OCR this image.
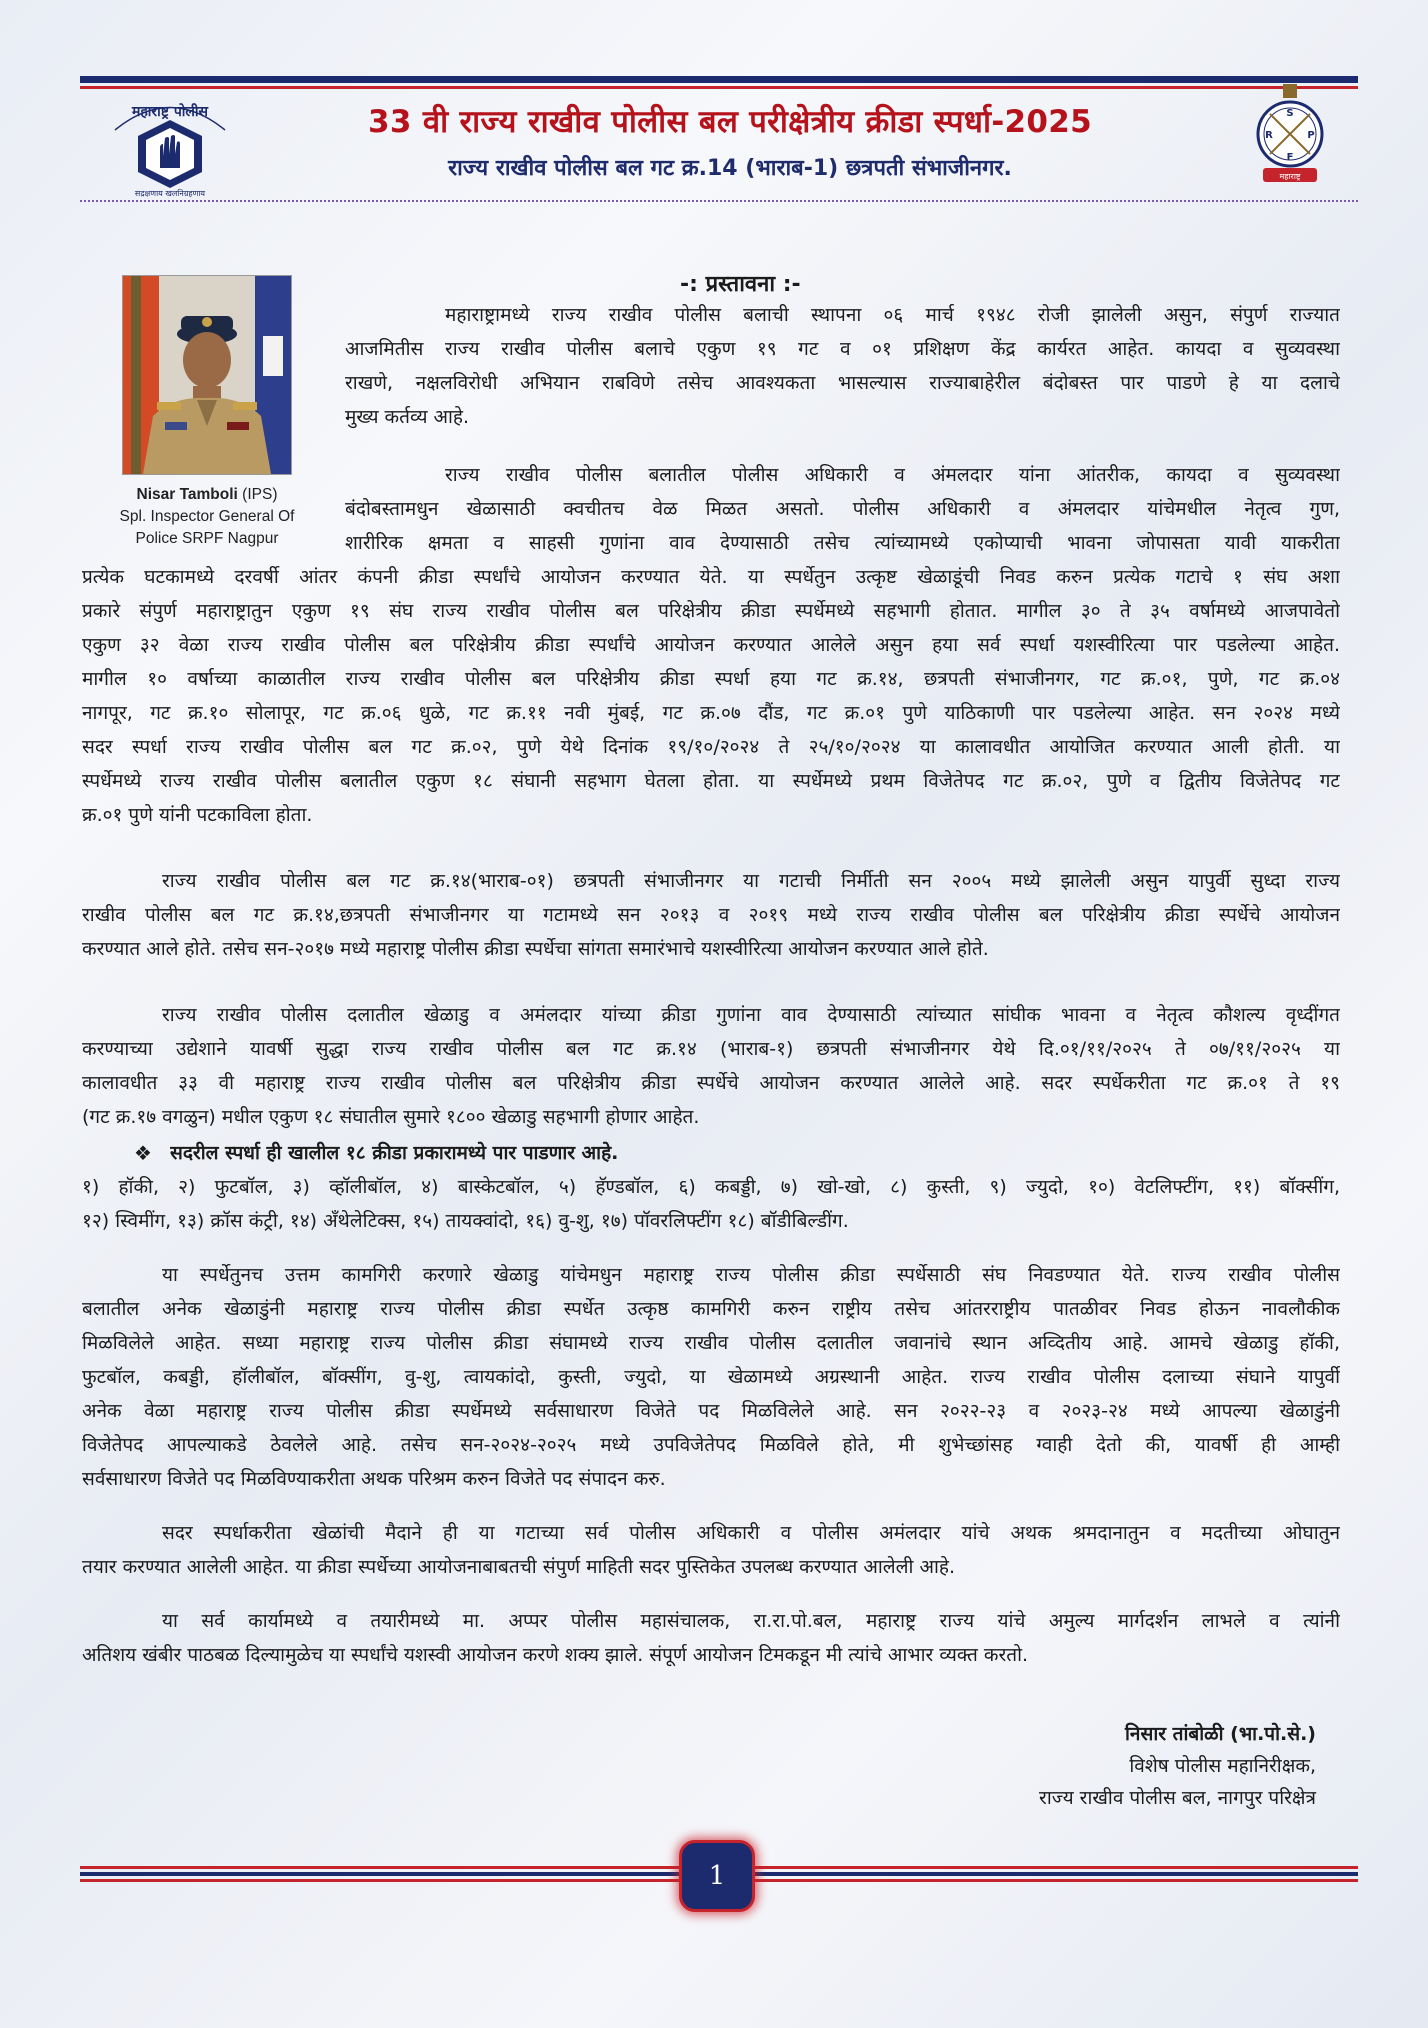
महाराष्ट्र पोलीस
सद्रक्षणाय खलनिग्रहणाय
33 वी राज्य राखीव पोलीस बल परीक्षेत्रीय क्रीडा स्पर्धा-2025
राज्य राखीव पोलीस बल गट क्र.14 (भाराब-1) छत्रपती संभाजीनगर.
S
R	P
F
महाराष्ट्र
Nisar Tamboli (IPS)
Spl. Inspector General Of
Police SRPF Nagpur
-: प्रस्तावना :-
महाराष्ट्रामध्ये राज्य राखीव पोलीस बलाची स्थापना ०६ मार्च १९४८ रोजी झालेली असुन, संपुर्ण राज्यात
आजमितीस राज्य राखीव पोलीस बलाचे एकुण १९ गट व ०१ प्रशिक्षण केंद्र कार्यरत आहेत. कायदा व सुव्यवस्था
राखणे, नक्षलविरोधी अभियान राबविणे तसेच आवश्यकता भासल्यास राज्याबाहेरील बंदोबस्त पार पाडणे हे या दलाचे
मुख्य कर्तव्य आहे.
राज्य राखीव पोलीस बलातील पोलीस अधिकारी व अंमलदार यांना आंतरीक, कायदा व सुव्यवस्था
बंदोबस्तामधुन खेळासाठी क्वचीतच वेळ मिळत असतो. पोलीस अधिकारी व अंमलदार यांचेमधील नेतृत्व गुण,
शारीरिक क्षमता व साहसी गुणांना वाव देण्यासाठी तसेच त्यांच्यामध्ये एकोप्याची भावना जोपासता यावी याकरीता
प्रत्येक घटकामध्ये दरवर्षी आंतर कंपनी क्रीडा स्पर्धांचे आयोजन करण्यात येते. या स्पर्धेतुन उत्कृष्ट खेळाडूंची निवड करुन प्रत्येक गटाचे १ संघ अशा
प्रकारे संपुर्ण महाराष्ट्रातुन एकुण १९ संघ राज्य राखीव पोलीस बल परिक्षेत्रीय क्रीडा स्पर्धेमध्ये सहभागी होतात. मागील ३० ते ३५ वर्षामध्ये आजपावेतो
एकुण ३२ वेळा राज्य राखीव पोलीस बल परिक्षेत्रीय क्रीडा स्पर्धांचे आयोजन करण्यात आलेले असुन हया सर्व स्पर्धा यशस्वीरित्या पार पडलेल्या आहेत.
मागील १० वर्षाच्या काळातील राज्य राखीव पोलीस बल परिक्षेत्रीय क्रीडा स्पर्धा हया गट क्र.१४, छत्रपती संभाजीनगर, गट क्र.०१, पुणे, गट क्र.०४
नागपूर, गट क्र.१० सोलापूर, गट क्र.०६ धुळे, गट क्र.११ नवी मुंबई, गट क्र.०७ दौंड, गट क्र.०१ पुणे याठिकाणी पार पडलेल्या आहेत. सन २०२४ मध्ये
सदर स्पर्धा राज्य राखीव पोलीस बल गट क्र.०२, पुणे येथे दिनांक १९/१०/२०२४ ते २५/१०/२०२४ या कालावधीत आयोजित करण्यात आली होती. या
स्पर्धेमध्ये राज्य राखीव पोलीस बलातील एकुण १८ संघानी सहभाग घेतला होता. या स्पर्धेमध्ये प्रथम विजेतेपद गट क्र.०२, पुणे व द्वितीय विजेतेपद गट
क्र.०१ पुणे यांनी पटकाविला होता.
राज्य राखीव पोलीस बल गट क्र.१४(भाराब-०१) छत्रपती संभाजीनगर या गटाची निर्मीती सन २००५ मध्ये झालेली असुन यापुर्वी सुध्दा राज्य
राखीव पोलीस बल गट क्र.१४,छत्रपती संभाजीनगर या गटामध्ये सन २०१३ व २०१९ मध्ये राज्य राखीव पोलीस बल परिक्षेत्रीय क्रीडा स्पर्धेचे आयोजन
करण्यात आले होते. तसेच सन-२०१७ मध्ये महाराष्ट्र पोलीस क्रीडा स्पर्धेचा सांगता समारंभाचे यशस्वीरित्या आयोजन करण्यात आले होते.
राज्य राखीव पोलीस दलातील खेळाडु व अमंलदार यांच्या क्रीडा गुणांना वाव देण्यासाठी त्यांच्यात सांघीक भावना व नेतृत्व कौशल्य वृध्दींगत
करण्याच्या उद्येशाने यावर्षी सुद्धा राज्य राखीव पोलीस बल गट क्र.१४ (भाराब-१) छत्रपती संभाजीनगर येथे दि.०१/११/२०२५ ते ०७/११/२०२५ या
कालावधीत ३३ वी महाराष्ट्र राज्य राखीव पोलीस बल परिक्षेत्रीय क्रीडा स्पर्धेचे आयोजन करण्यात आलेले आहे. सदर स्पर्धेकरीता गट क्र.०१ ते १९
(गट क्र.१७ वगळुन) मधील एकुण १८ संघातील सुमारे १८०० खेळाडु सहभागी होणार आहेत.
❖ सदरील स्पर्धा ही खालील १८ क्रीडा प्रकारामध्ये पार पाडणार आहे.
१) हॉकी, २) फुटबॉल, ३) व्हॉलीबॉल, ४) बास्केटबॉल, ५) हॅण्डबॉल, ६) कबड्डी, ७) खो-खो, ८) कुस्ती, ९) ज्युदो, १०) वेटलिफ्टींग, ११) बॉक्सींग,
१२) स्विमींग, १३) क्रॉस कंट्री, १४) अँथेलेटिक्स, १५) तायक्वांदो, १६) वु-शु, १७) पॉवरलिफ्टींग १८) बॉडीबिल्डींग.
या स्पर्धेतुनच उत्तम कामगिरी करणारे खेळाडु यांचेमधुन महाराष्ट्र राज्य पोलीस क्रीडा स्पर्धेसाठी संघ निवडण्यात येते. राज्य राखीव पोलीस
बलातील अनेक खेळाडुंनी महाराष्ट्र राज्य पोलीस क्रीडा स्पर्धेत उत्कृष्ठ कामगिरी करुन राष्ट्रीय तसेच आंतरराष्ट्रीय पातळीवर निवड होऊन नावलौकीक
मिळविलेले आहेत. सध्या महाराष्ट्र राज्य पोलीस क्रीडा संघामध्ये राज्य राखीव पोलीस दलातील जवानांचे स्थान अव्दितीय आहे. आमचे खेळाडु हॉकी,
फुटबॉल, कबड्डी, हॉलीबॉल, बॉक्सींग, वु-शु, त्वायकांदो, कुस्ती, ज्युदो, या खेळामध्ये अग्रस्थानी आहेत. राज्य राखीव पोलीस दलाच्या संघाने यापुर्वी
अनेक वेळा महाराष्ट्र राज्य पोलीस क्रीडा स्पर्धेमध्ये सर्वसाधारण विजेते पद मिळविलेले आहे. सन २०२२-२३ व २०२३-२४ मध्ये आपल्या खेळाडुंनी
विजेतेपद आपल्याकडे ठेवलेले आहे. तसेच सन-२०२४-२०२५ मध्ये उपविजेतेपद मिळविले होते, मी शुभेच्छांसह ग्वाही देतो की, यावर्षी ही आम्ही
सर्वसाधारण विजेते पद मिळविण्याकरीता अथक परिश्रम करुन विजेते पद संपादन करु.
सदर स्पर्धाकरीता खेळांची मैदाने ही या गटाच्या सर्व पोलीस अधिकारी व पोलीस अमंलदार यांचे अथक श्रमदानातुन व मदतीच्या ओघातुन
तयार करण्यात आलेली आहेत. या क्रीडा स्पर्धेच्या आयोजनाबाबतची संपुर्ण माहिती सदर पुस्तिकेत उपलब्ध करण्यात आलेली आहे.
या सर्व कार्यामध्ये व तयारीमध्ये मा. अप्पर पोलीस महासंचालक, रा.रा.पो.बल, महाराष्ट्र राज्य यांचे अमुल्य मार्गदर्शन लाभले व त्यांनी
अतिशय खंबीर पाठबळ दिल्यामुळेच या स्पर्धांचे यशस्वी आयोजन करणे शक्य झाले. संपूर्ण आयोजन टिमकडून मी त्यांचे आभार व्यक्त करतो.
निसार तांबोळी (भा.पो.से.)
विशेष पोलीस महानिरीक्षक,
राज्य राखीव पोलीस बल, नागपुर परिक्षेत्र
1
